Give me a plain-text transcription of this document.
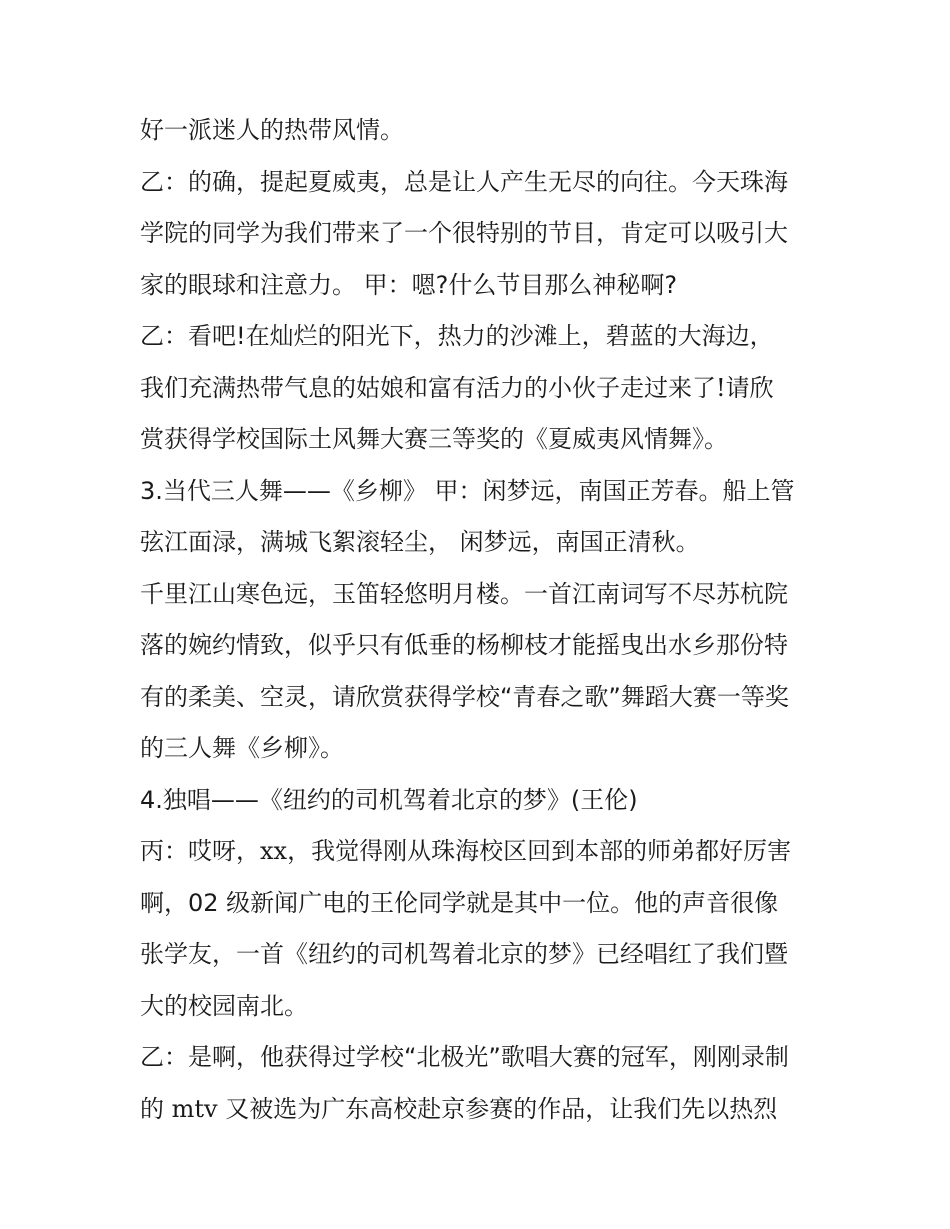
好一派迷人的热带风情。
乙：的确，提起夏威夷，总是让人产生无尽的向往。今天珠海
学院的同学为我们带来了一个很特别的节目，肯定可以吸引大
家的眼球和注意力。 甲：嗯?什么节目那么神秘啊?
乙：看吧!在灿烂的阳光下，热力的沙滩上，碧蓝的大海边，
我们充满热带气息的姑娘和富有活力的小伙子走过来了!请欣
赏获得学校国际土风舞大赛三等奖的《夏威夷风情舞》。
3.当代三人舞——《乡柳》 甲：闲梦远，南国正芳春。船上管
弦江面渌，满城飞絮滚轻尘， 闲梦远，南国正清秋。
千里江山寒色远，玉笛轻悠明月楼。一首江南词写不尽苏杭院
落的婉约情致，似乎只有低垂的杨柳枝才能摇曳出水乡那份特
有的柔美、空灵，请欣赏获得学校“青春之歌”舞蹈大赛一等奖
的三人舞《乡柳》。
4.独唱——《纽约的司机驾着北京的梦》(王伦)
丙：哎呀，xx，我觉得刚从珠海校区回到本部的师弟都好厉害
啊，02 级新闻广电的王伦同学就是其中一位。他的声音很像
张学友，一首《纽约的司机驾着北京的梦》已经唱红了我们暨
大的校园南北。
乙：是啊，他获得过学校“北极光”歌唱大赛的冠军，刚刚录制
的 mtv 又被选为广东高校赴京参赛的作品，让我们先以热烈
